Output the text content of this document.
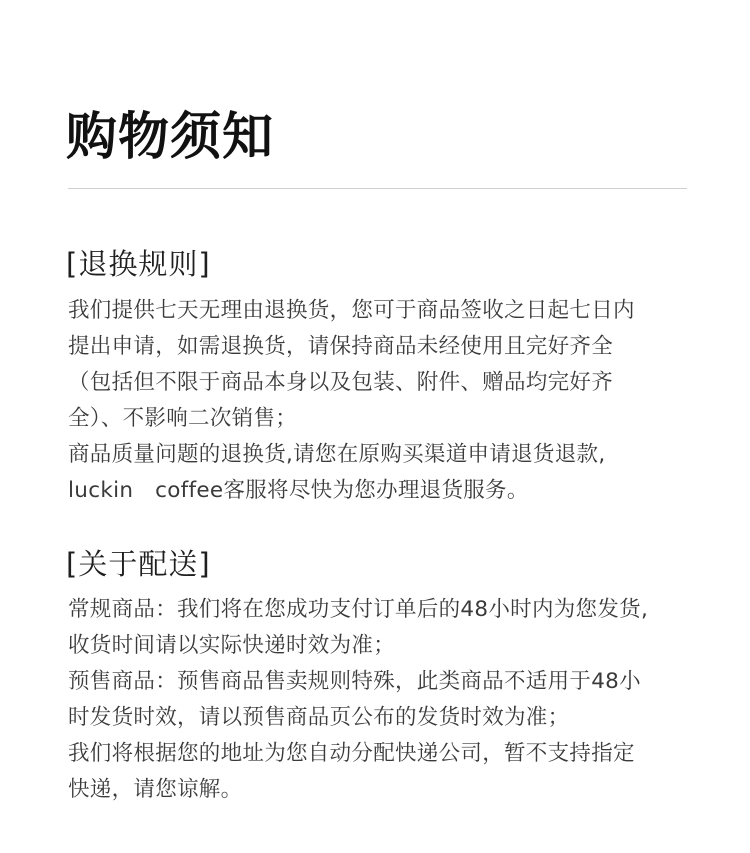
购物须知
[退换规则]
我们提供七天无理由退换货，您可于商品签收之日起七日内
提出申请，如需退换货，请保持商品未经使用且完好齐全
（包括但不限于商品本身以及包装、附件、赠品均完好齐
全）、不影响二次销售；
商品质量问题的退换货,请您在原购买渠道申请退货退款,
luckin　coffee客服将尽快为您办理退货服务。
[关于配送]
常规商品：我们将在您成功支付订单后的48小时内为您发货,
收货时间请以实际快递时效为准；
预售商品：预售商品售卖规则特殊，此类商品不适用于48小
时发货时效，请以预售商品页公布的发货时效为准；
我们将根据您的地址为您自动分配快递公司，暂不支持指定
快递，请您谅解。
